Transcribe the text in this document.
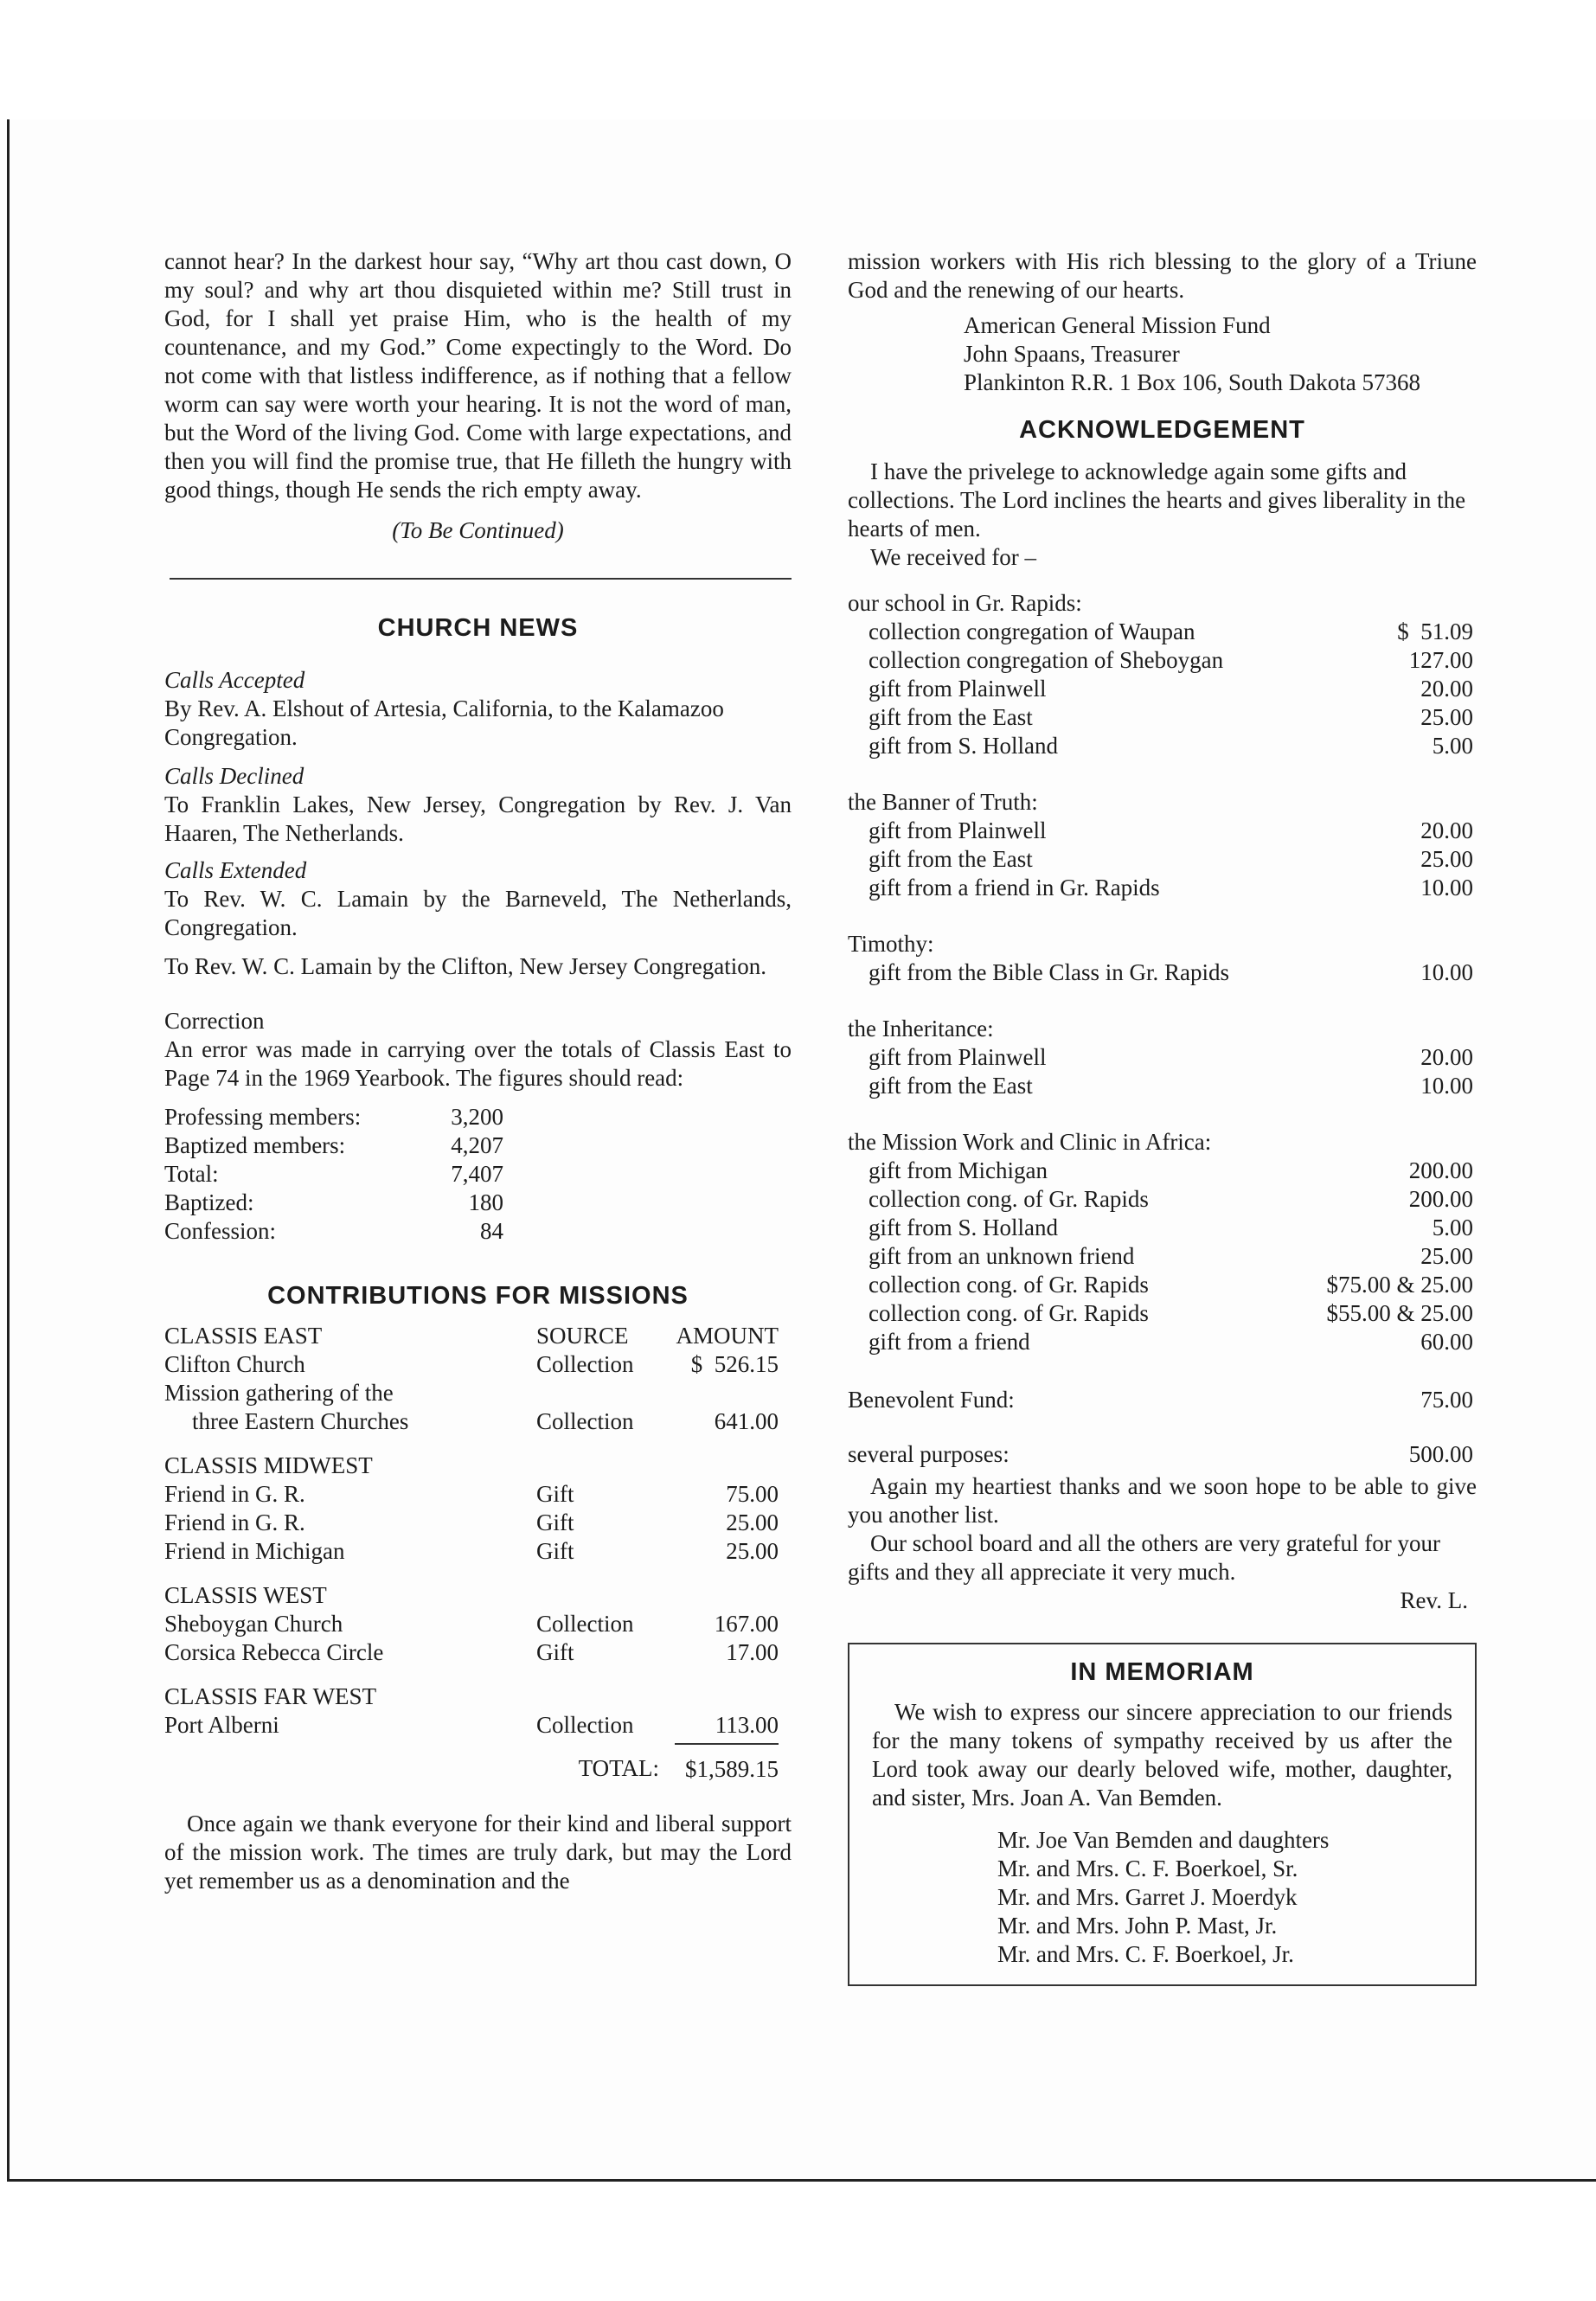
cannot hear? In the darkest hour say, “Why art thou cast down, O my soul? and why art thou disquieted within me? Still trust in God, for I shall yet praise Him, who is the health of my countenance, and my God.” Come expectingly to the Word. Do not come with that listless indifference, as if nothing that a fellow worm can say were worth your hearing. It is not the word of man, but the Word of the living God. Come with large expectations, and then you will find the promise true, that He filleth the hungry with good things, though He sends the rich empty away.

(To Be Continued)

CHURCH NEWS

Calls Accepted

By Rev. A. Elshout of Artesia, California, to the Kalamazoo Congregation.

Calls Declined

To Franklin Lakes, New Jersey, Congregation by Rev. J. Van Haaren, The Netherlands.

Calls Extended

To Rev. W. C. Lamain by the Barneveld, The Netherlands, Congregation.

To Rev. W. C. Lamain by the Clifton, New Jersey Congregation.

Correction

An error was made in carrying over the totals of Classis East to Page 74 in the 1969 Yearbook. The figures should read:

Professing members:	3,200
Baptized members:	4,207
Total:	7,407
Baptized:	180
Confession:	84
CONTRIBUTIONS FOR MISSIONS
CLASSIS EAST	SOURCE	AMOUNT
Clifton Church	Collection	$  526.15
Mission gathering of the		
three Eastern Churches	Collection	641.00
CLASSIS MIDWEST		
Friend in G. R.	Gift	75.00
Friend in G. R.	Gift	25.00
Friend in Michigan	Gift	25.00
CLASSIS WEST		
Sheboygan Church	Collection	167.00
Corsica Rebecca Circle	Gift	17.00
CLASSIS FAR WEST		
Port Alberni	Collection	113.00
	TOTAL:	$1,589.15

Once again we thank everyone for their kind and liberal support of the mission work. The times are truly dark, but may the Lord yet remember us as a denomination and the

mission workers with His rich blessing to the glory of a Triune God and the renewing of our hearts.

American General Mission Fund

John Spaans, Treasurer

Plankinton R.R. 1 Box 106, South Dakota 57368

ACKNOWLEDGEMENT

I have the privelege to acknowledge again some gifts and collections. The Lord inclines the hearts and gives liberality in the hearts of men.

We received for –

our school in Gr. Rapids:	
collection congregation of Waupan	$  51.09
collection congregation of Sheboygan	127.00
gift from Plainwell	20.00
gift from the East	25.00
gift from S. Holland	5.00
the Banner of Truth:	
gift from Plainwell	20.00
gift from the East	25.00
gift from a friend in Gr. Rapids	10.00
Timothy:	
gift from the Bible Class in Gr. Rapids	10.00
the Inheritance:	
gift from Plainwell	20.00
gift from the East	10.00
the Mission Work and Clinic in Africa:	
gift from Michigan	200.00
collection cong. of Gr. Rapids	200.00
gift from S. Holland	5.00
gift from an unknown friend	25.00
collection cong. of Gr. Rapids	$75.00 & 25.00
collection cong. of Gr. Rapids	$55.00 & 25.00
gift from a friend	60.00
Benevolent Fund:	75.00
several purposes:	500.00

Again my heartiest thanks and we soon hope to be able to give you another list.

Our school board and all the others are very grateful for your gifts and they all appreciate it very much.

Rev. L.

IN MEMORIAM

We wish to express our sincere appreciation to our friends for the many tokens of sympathy received by us after the Lord took away our dearly beloved wife, mother, daughter, and sister, Mrs. Joan A. Van Bemden.

Mr. Joe Van Bemden and daughters

Mr. and Mrs. C. F. Boerkoel, Sr.

Mr. and Mrs. Garret J. Moerdyk

Mr. and Mrs. John P. Mast, Jr.

Mr. and Mrs. C. F. Boerkoel, Jr.
